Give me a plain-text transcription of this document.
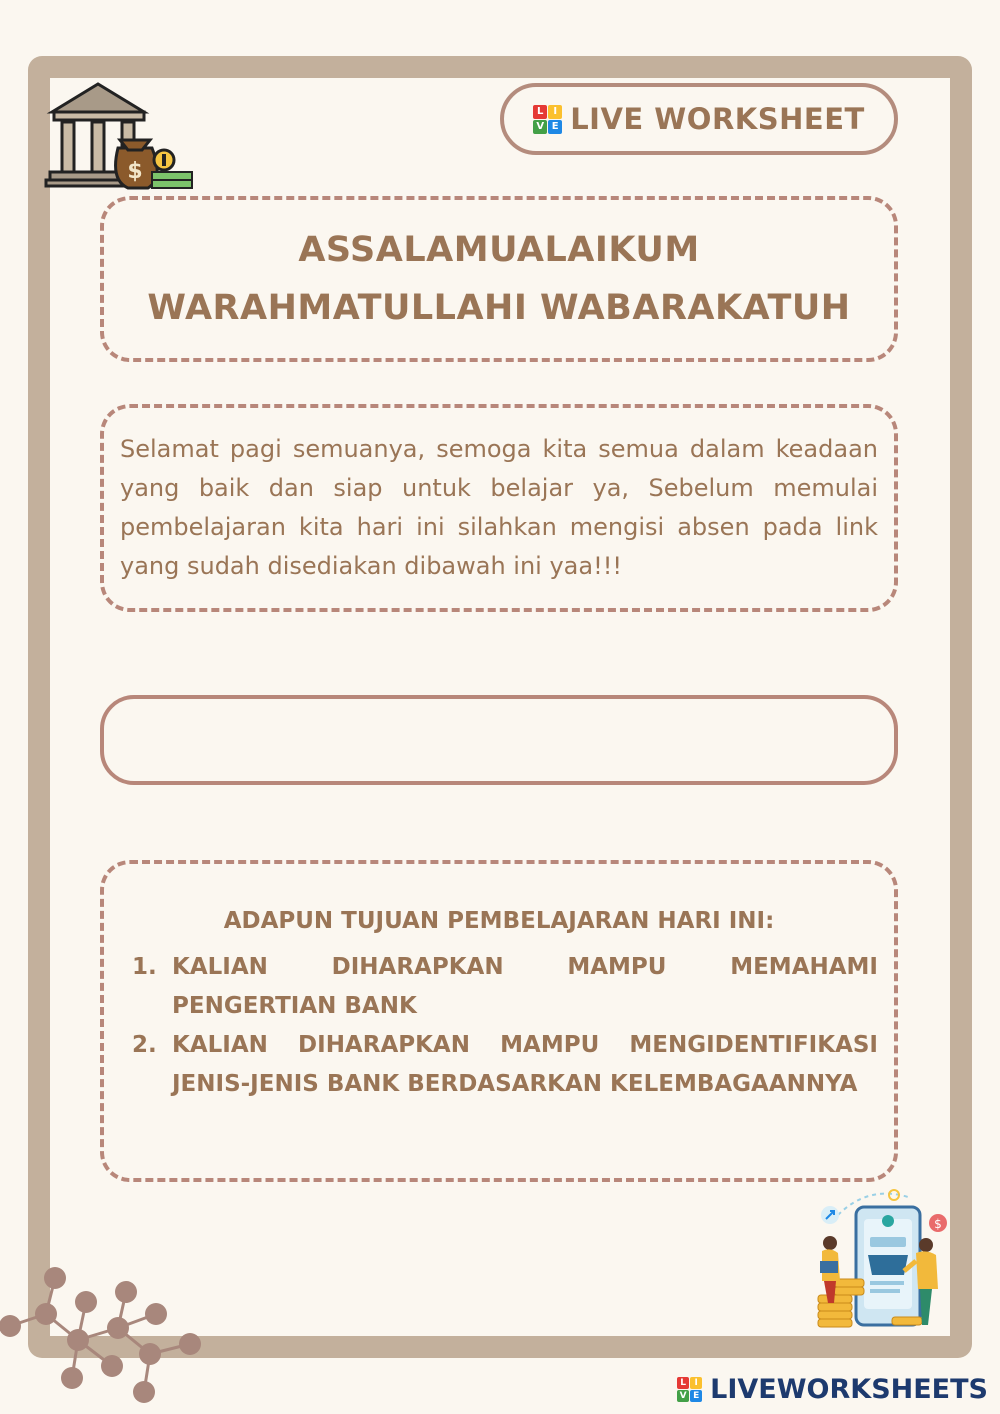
$
L I
V E LIVE WORKSHEET
ASSALAMUALAIKUM
WARAHMATULLAHI WABARAKATUH
Selamat pagi semuanya, semoga kita semua dalam keadaan yang baik dan siap untuk belajar ya, Sebelum memulai pembelajaran kita hari ini silahkan mengisi absen pada link yang sudah disediakan dibawah ini yaa!!!
ADAPUN TUJUAN PEMBELAJARAN HARI INI:
1. KALIAN DIHARAPKAN MAMPU MEMAHAMI PENGERTIAN BANK
2. KALIAN DIHARAPKAN MAMPU MENGIDENTIFIKASI JENIS-JENIS BANK BERDASARKAN KELEMBAGAANNYA
$
L I
V E LIVEWORKSHEETS
